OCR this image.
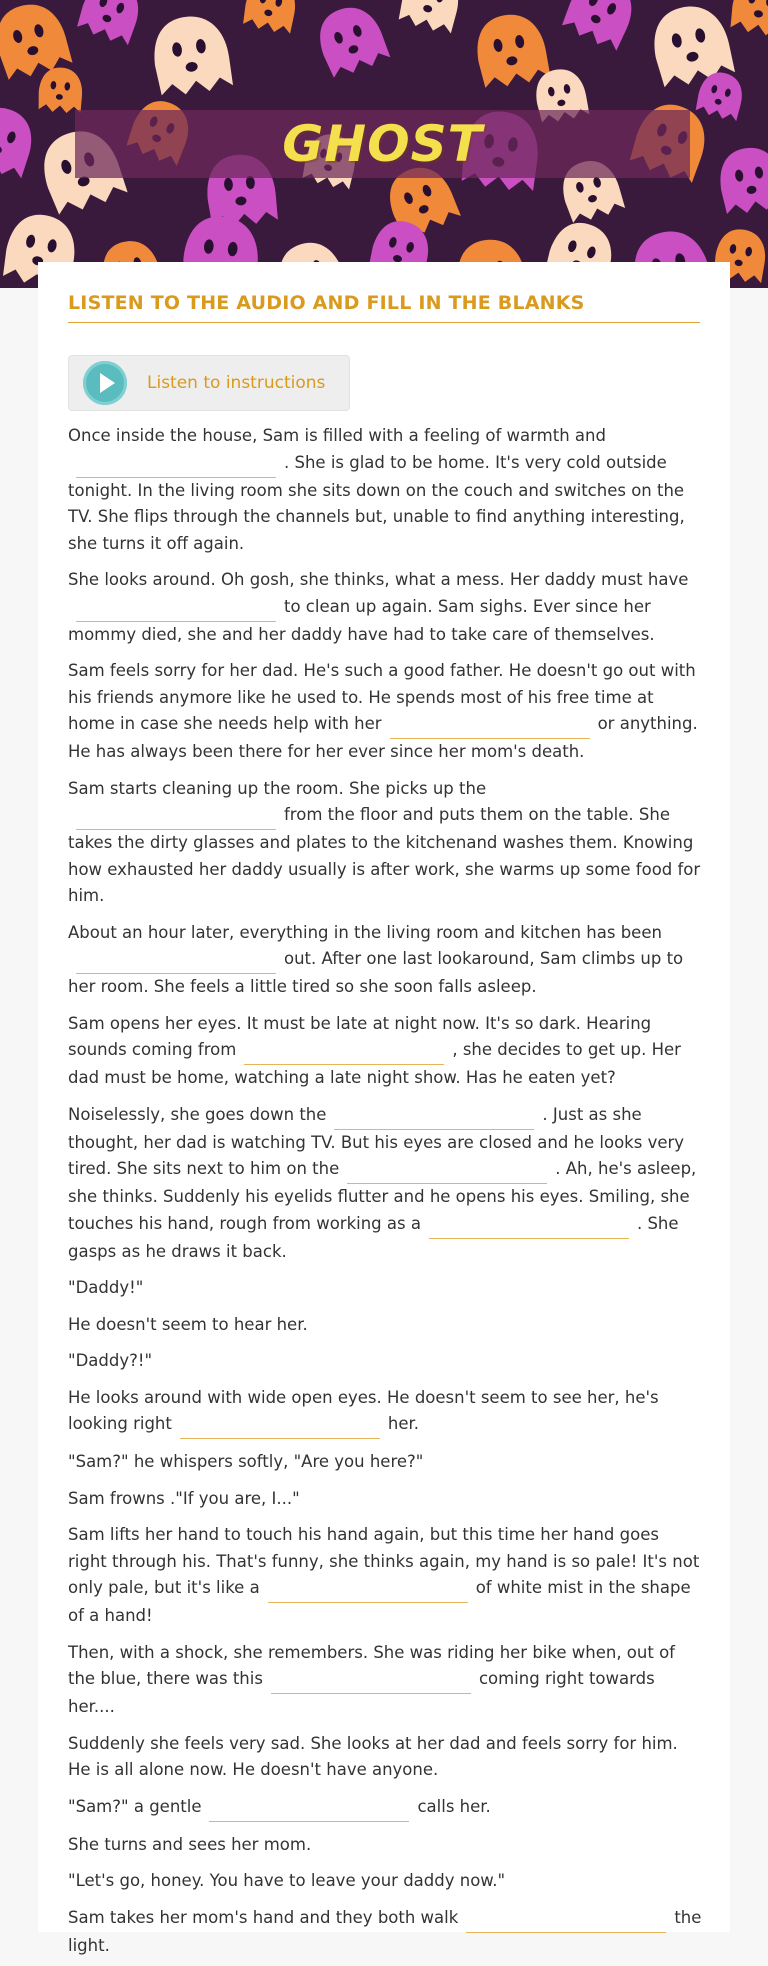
GHOST
LISTEN TO THE AUDIO AND FILL IN THE BLANKS
Listen to instructions

Once inside the house, Sam is filled with a feeling of warmth and. She is glad to be home. It's very cold outside tonight. In the living room she sits down on the couch and switches on the TV. She flips through the channels but, unable to find anything interesting, she turns it off again.

She looks around. Oh gosh, she thinks, what a mess. Her daddy must haveto clean up again. Sam sighs. Ever since her mommy died, she and her daddy have had to take care of themselves.

Sam feels sorry for her dad. He's such a good father. He doesn't go out with his friends anymore like he used to. He spends most of his free time at home in case she needs help with her	or anything. He has always been there for her ever since her mom's death.

Sam starts cleaning up the room. She picks up thefrom the floor and puts them on the table. She takes the dirty glasses and plates to the kitchenand washes them. Knowing how exhausted her daddy usually is after work, she warms up some food for him.

About an hour later, everything in the living room and kitchen has beenout. After one last lookaround, Sam climbs up to her room. She feels a little tired so she soon falls asleep.

Sam opens her eyes. It must be late at night now. It's so dark. Hearing sounds coming from	, she decides to get up. Her dad must be home, watching a late night show. Has he eaten yet?

Noiselessly, she goes down the	. Just as she thought, her dad is watching TV. But his eyes are closed and he looks very tired. She sits next to him on the	. Ah, he's asleep, she thinks. Suddenly his eyelids flutter and he opens his eyes. Smiling, she touches his hand, rough from working as a	. She gasps as he draws it back.

"Daddy!"

He doesn't seem to hear her.

"Daddy?!"

He looks around with wide open eyes. He doesn't seem to see her, he's looking right	her.

"Sam?" he whispers softly, "Are you here?"

Sam frowns ."If you are, I..."

Sam lifts her hand to touch his hand again, but this time her hand goes right through his. That's funny, she thinks again, my hand is so pale! It's not only pale, but it's like a	of white mist in the shape of a hand!

Then, with a shock, she remembers. She was riding her bike when, out of the blue, there was this	coming right towards her....

Suddenly she feels very sad. She looks at her dad and feels sorry for him. He is all alone now. He doesn't have anyone.

"Sam?" a gentle	calls her.

She turns and sees her mom.

"Let's go, honey. You have to leave your daddy now."

Sam takes her mom's hand and they both walk	the light.
